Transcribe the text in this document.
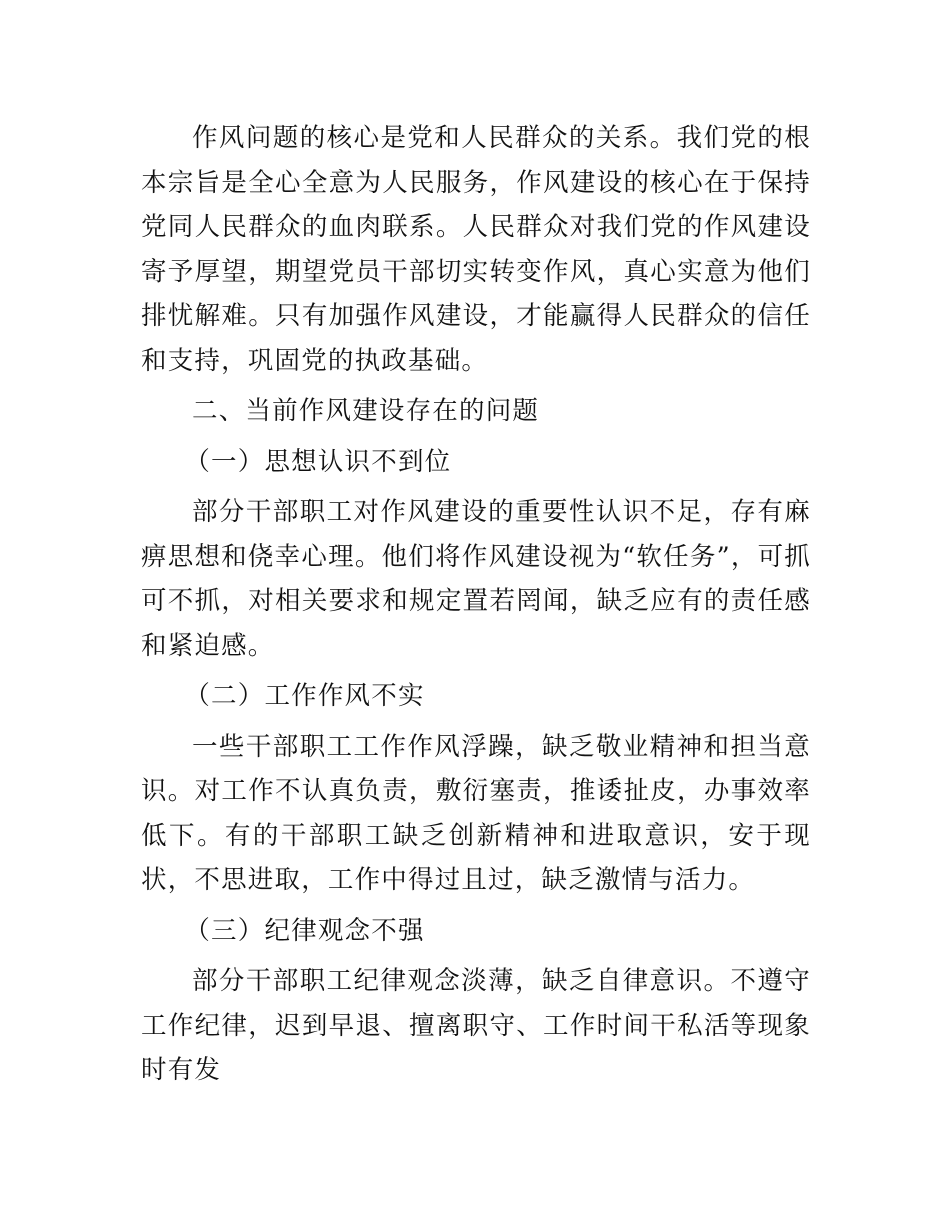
作风问题的核心是党和人民群众的关系。我们党的根本宗旨是全心全意为人民服务，作风建设的核心在于保持党同人民群众的血肉联系。人民群众对我们党的作风建设寄予厚望，期望党员干部切实转变作风，真心实意为他们排忧解难。只有加强作风建设，才能赢得人民群众的信任和支持，巩固党的执政基础。

二、当前作风建设存在的问题

（一）思想认识不到位

部分干部职工对作风建设的重要性认识不足，存有麻痹思想和侥幸心理。他们将作风建设视为“软任务”，可抓可不抓，对相关要求和规定置若罔闻，缺乏应有的责任感和紧迫感。

（二）工作作风不实

一些干部职工工作作风浮躁，缺乏敬业精神和担当意识。对工作不认真负责，敷衍塞责，推诿扯皮，办事效率低下。有的干部职工缺乏创新精神和进取意识，安于现状，不思进取，工作中得过且过，缺乏激情与活力。

（三）纪律观念不强

部分干部职工纪律观念淡薄，缺乏自律意识。不遵守工作纪律，迟到早退、擅离职守、工作时间干私活等现象时有发
